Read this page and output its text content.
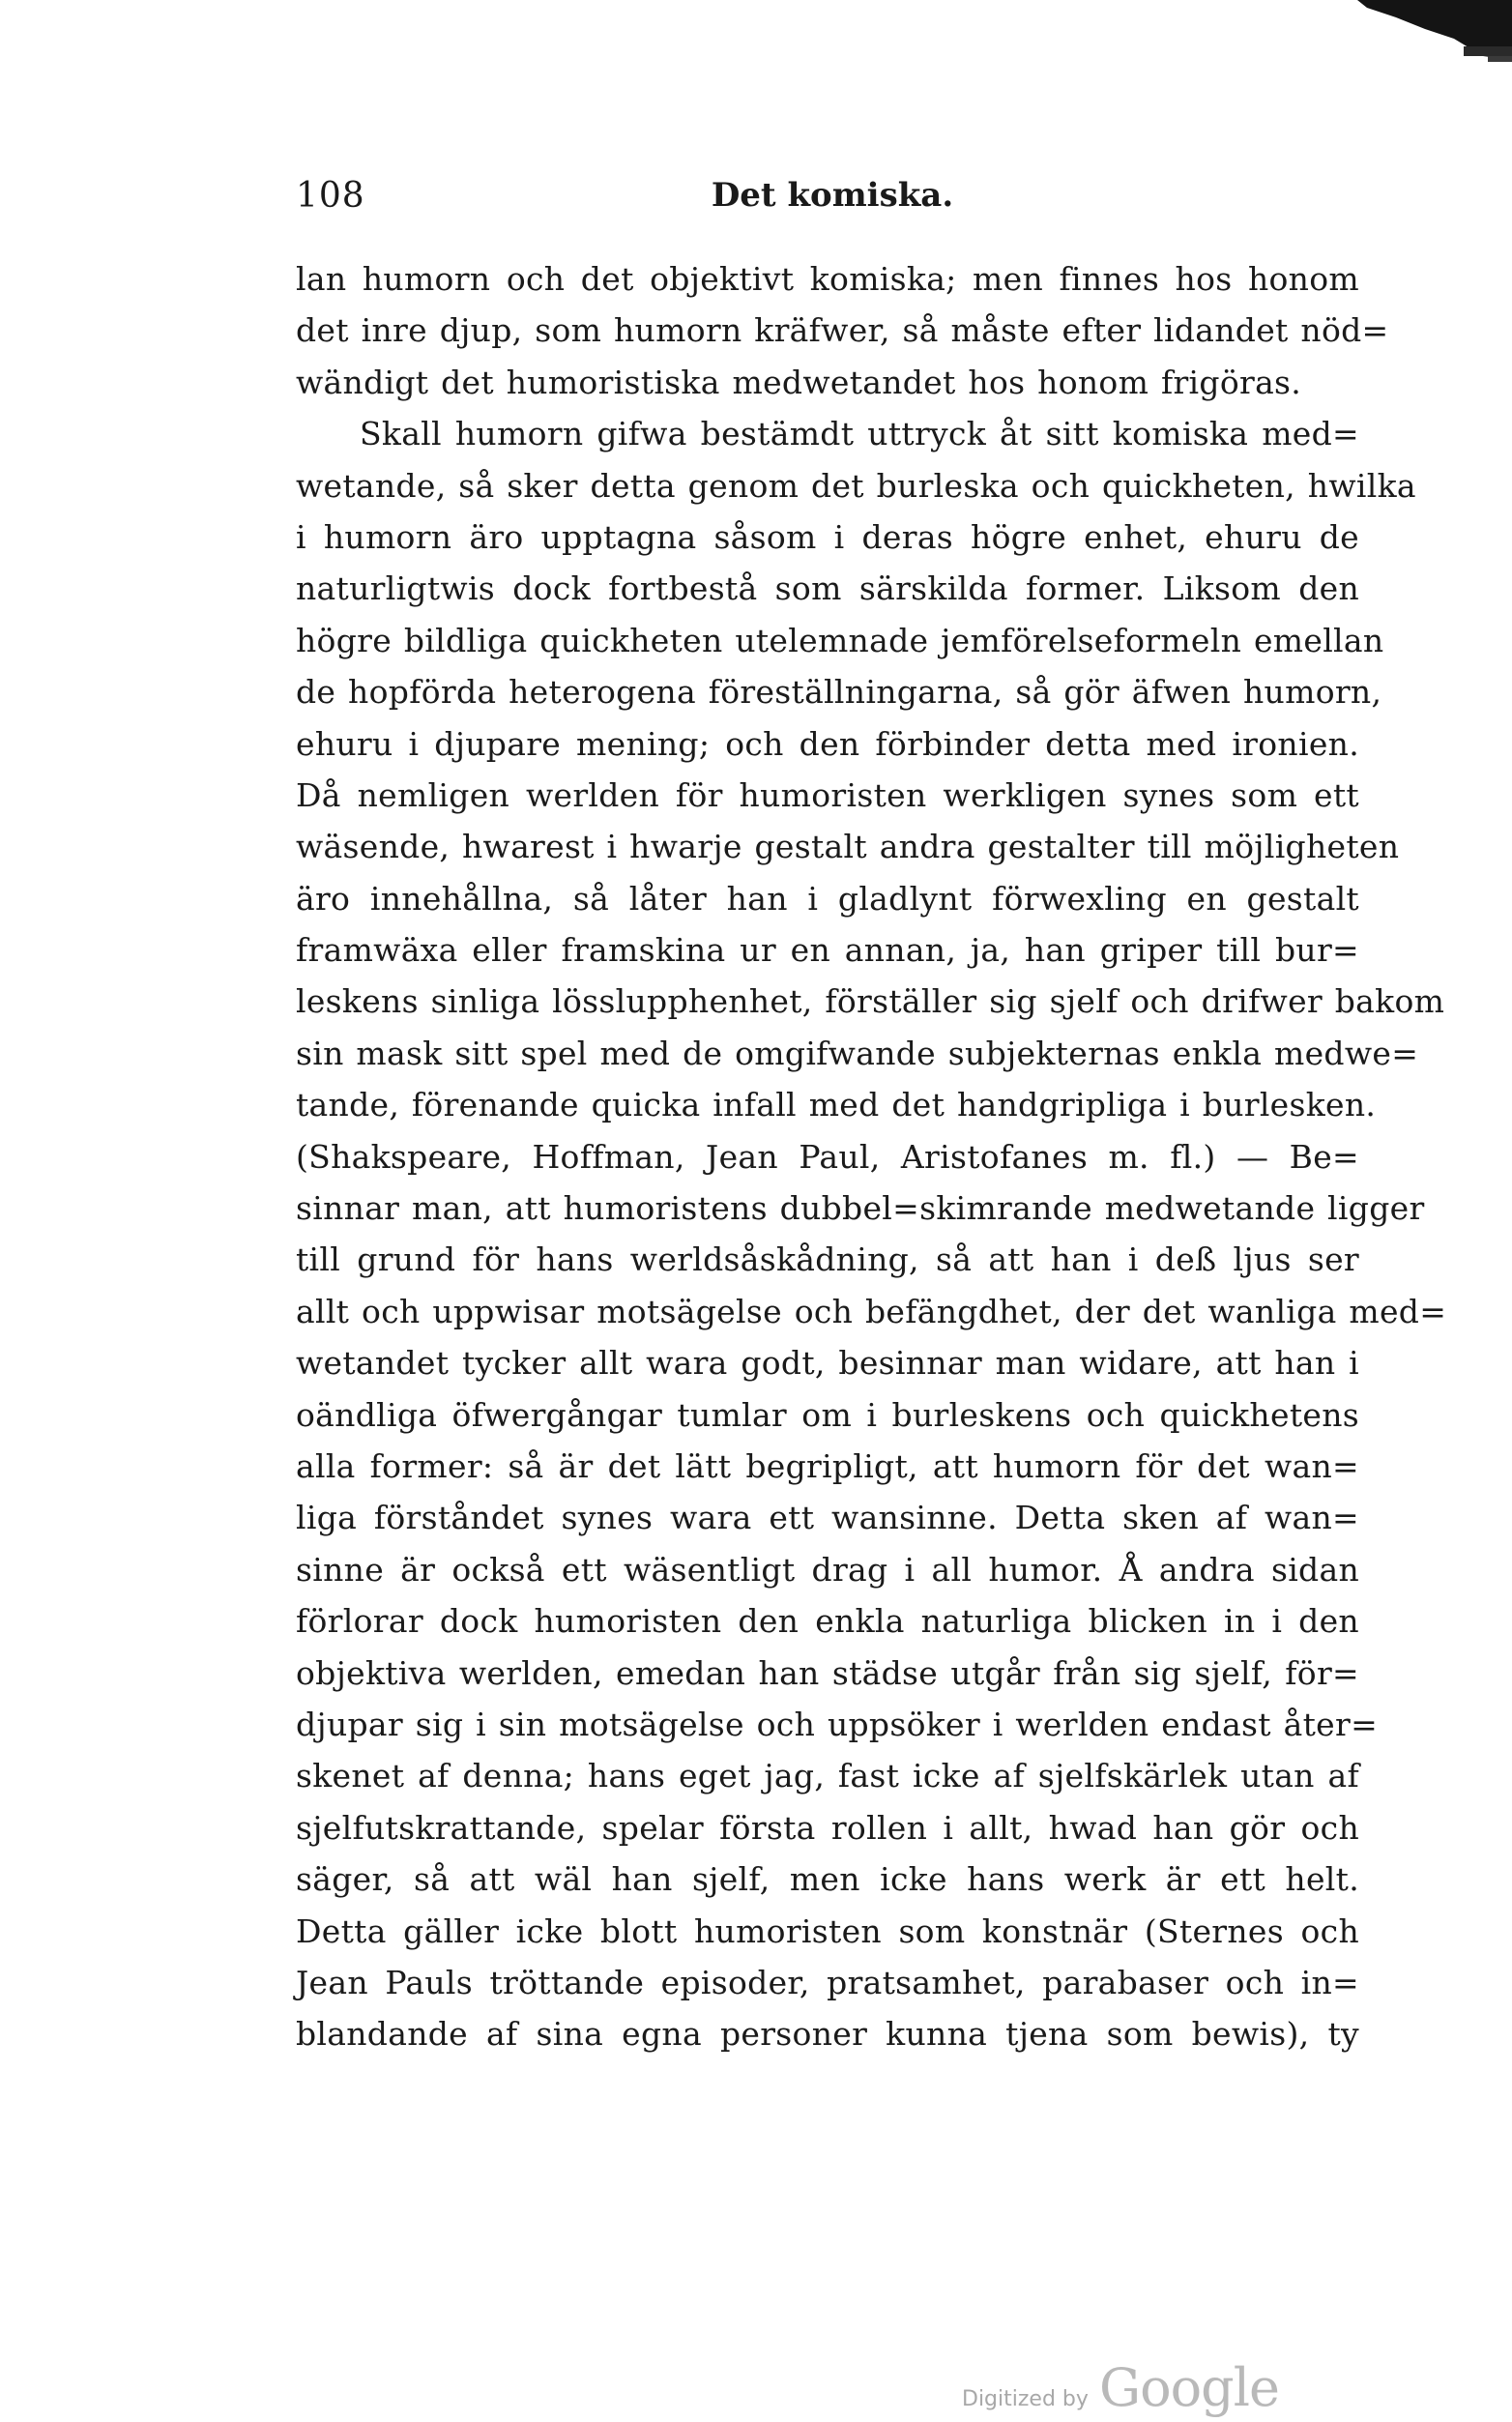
108	Det komiska.
lan humorn och det objektivt komiska; men finnes hos honom
det inre djup, som humorn kräfwer, så måste efter lidandet nöd=
wändigt det humoristiska medwetandet hos honom frigöras.
Skall humorn gifwa bestämdt uttryck åt sitt komiska med=
wetande, så sker detta genom det burleska och quickheten, hwilka
i humorn äro upptagna såsom i deras högre enhet, ehuru de
naturligtwis dock fortbestå som särskilda former. Liksom den
högre bildliga quickheten utelemnade jemförelseformeln emellan
de hopförda heterogena föreställningarna, så gör äfwen humorn,
ehuru i djupare mening; och den förbinder detta med ironien.
Då nemligen werlden för humoristen werkligen synes som ett
wäsende, hwarest i hwarje gestalt andra gestalter till möjligheten
äro innehållna, så låter han i gladlynt förwexling en gestalt
framwäxa eller framskina ur en annan, ja, han griper till bur=
leskens sinliga lösslupphenhet, förställer sig sjelf och drifwer bakom
sin mask sitt spel med de omgifwande subjekternas enkla medwe=
tande, förenande quicka infall med det handgripliga i burlesken.
(Shakspeare, Hoffman, Jean Paul, Aristofanes m. fl.) — Be=
sinnar man, att humoristens dubbel=skimrande medwetande ligger
till grund för hans werldsåskådning, så att han i deß ljus ser
allt och uppwisar motsägelse och befängdhet, der det wanliga med=
wetandet tycker allt wara godt, besinnar man widare, att han i
oändliga öfwergångar tumlar om i burleskens och quickhetens
alla former: så är det lätt begripligt, att humorn för det wan=
liga förståndet synes wara ett wansinne. Detta sken af wan=
sinne är också ett wäsentligt drag i all humor. Å andra sidan
förlorar dock humoristen den enkla naturliga blicken in i den
objektiva werlden, emedan han städse utgår från sig sjelf, för=
djupar sig i sin motsägelse och uppsöker i werlden endast åter=
skenet af denna; hans eget jag, fast icke af sjelfskärlek utan af
sjelfutskrattande, spelar första rollen i allt, hwad han gör och
säger, så att wäl han sjelf, men icke hans werk är ett helt.
Detta gäller icke blott humoristen som konstnär (Sternes och
Jean Pauls tröttande episoder, pratsamhet, parabaser och in=
blandande af sina egna personer kunna tjena som bewis), ty
Digitized by Google
